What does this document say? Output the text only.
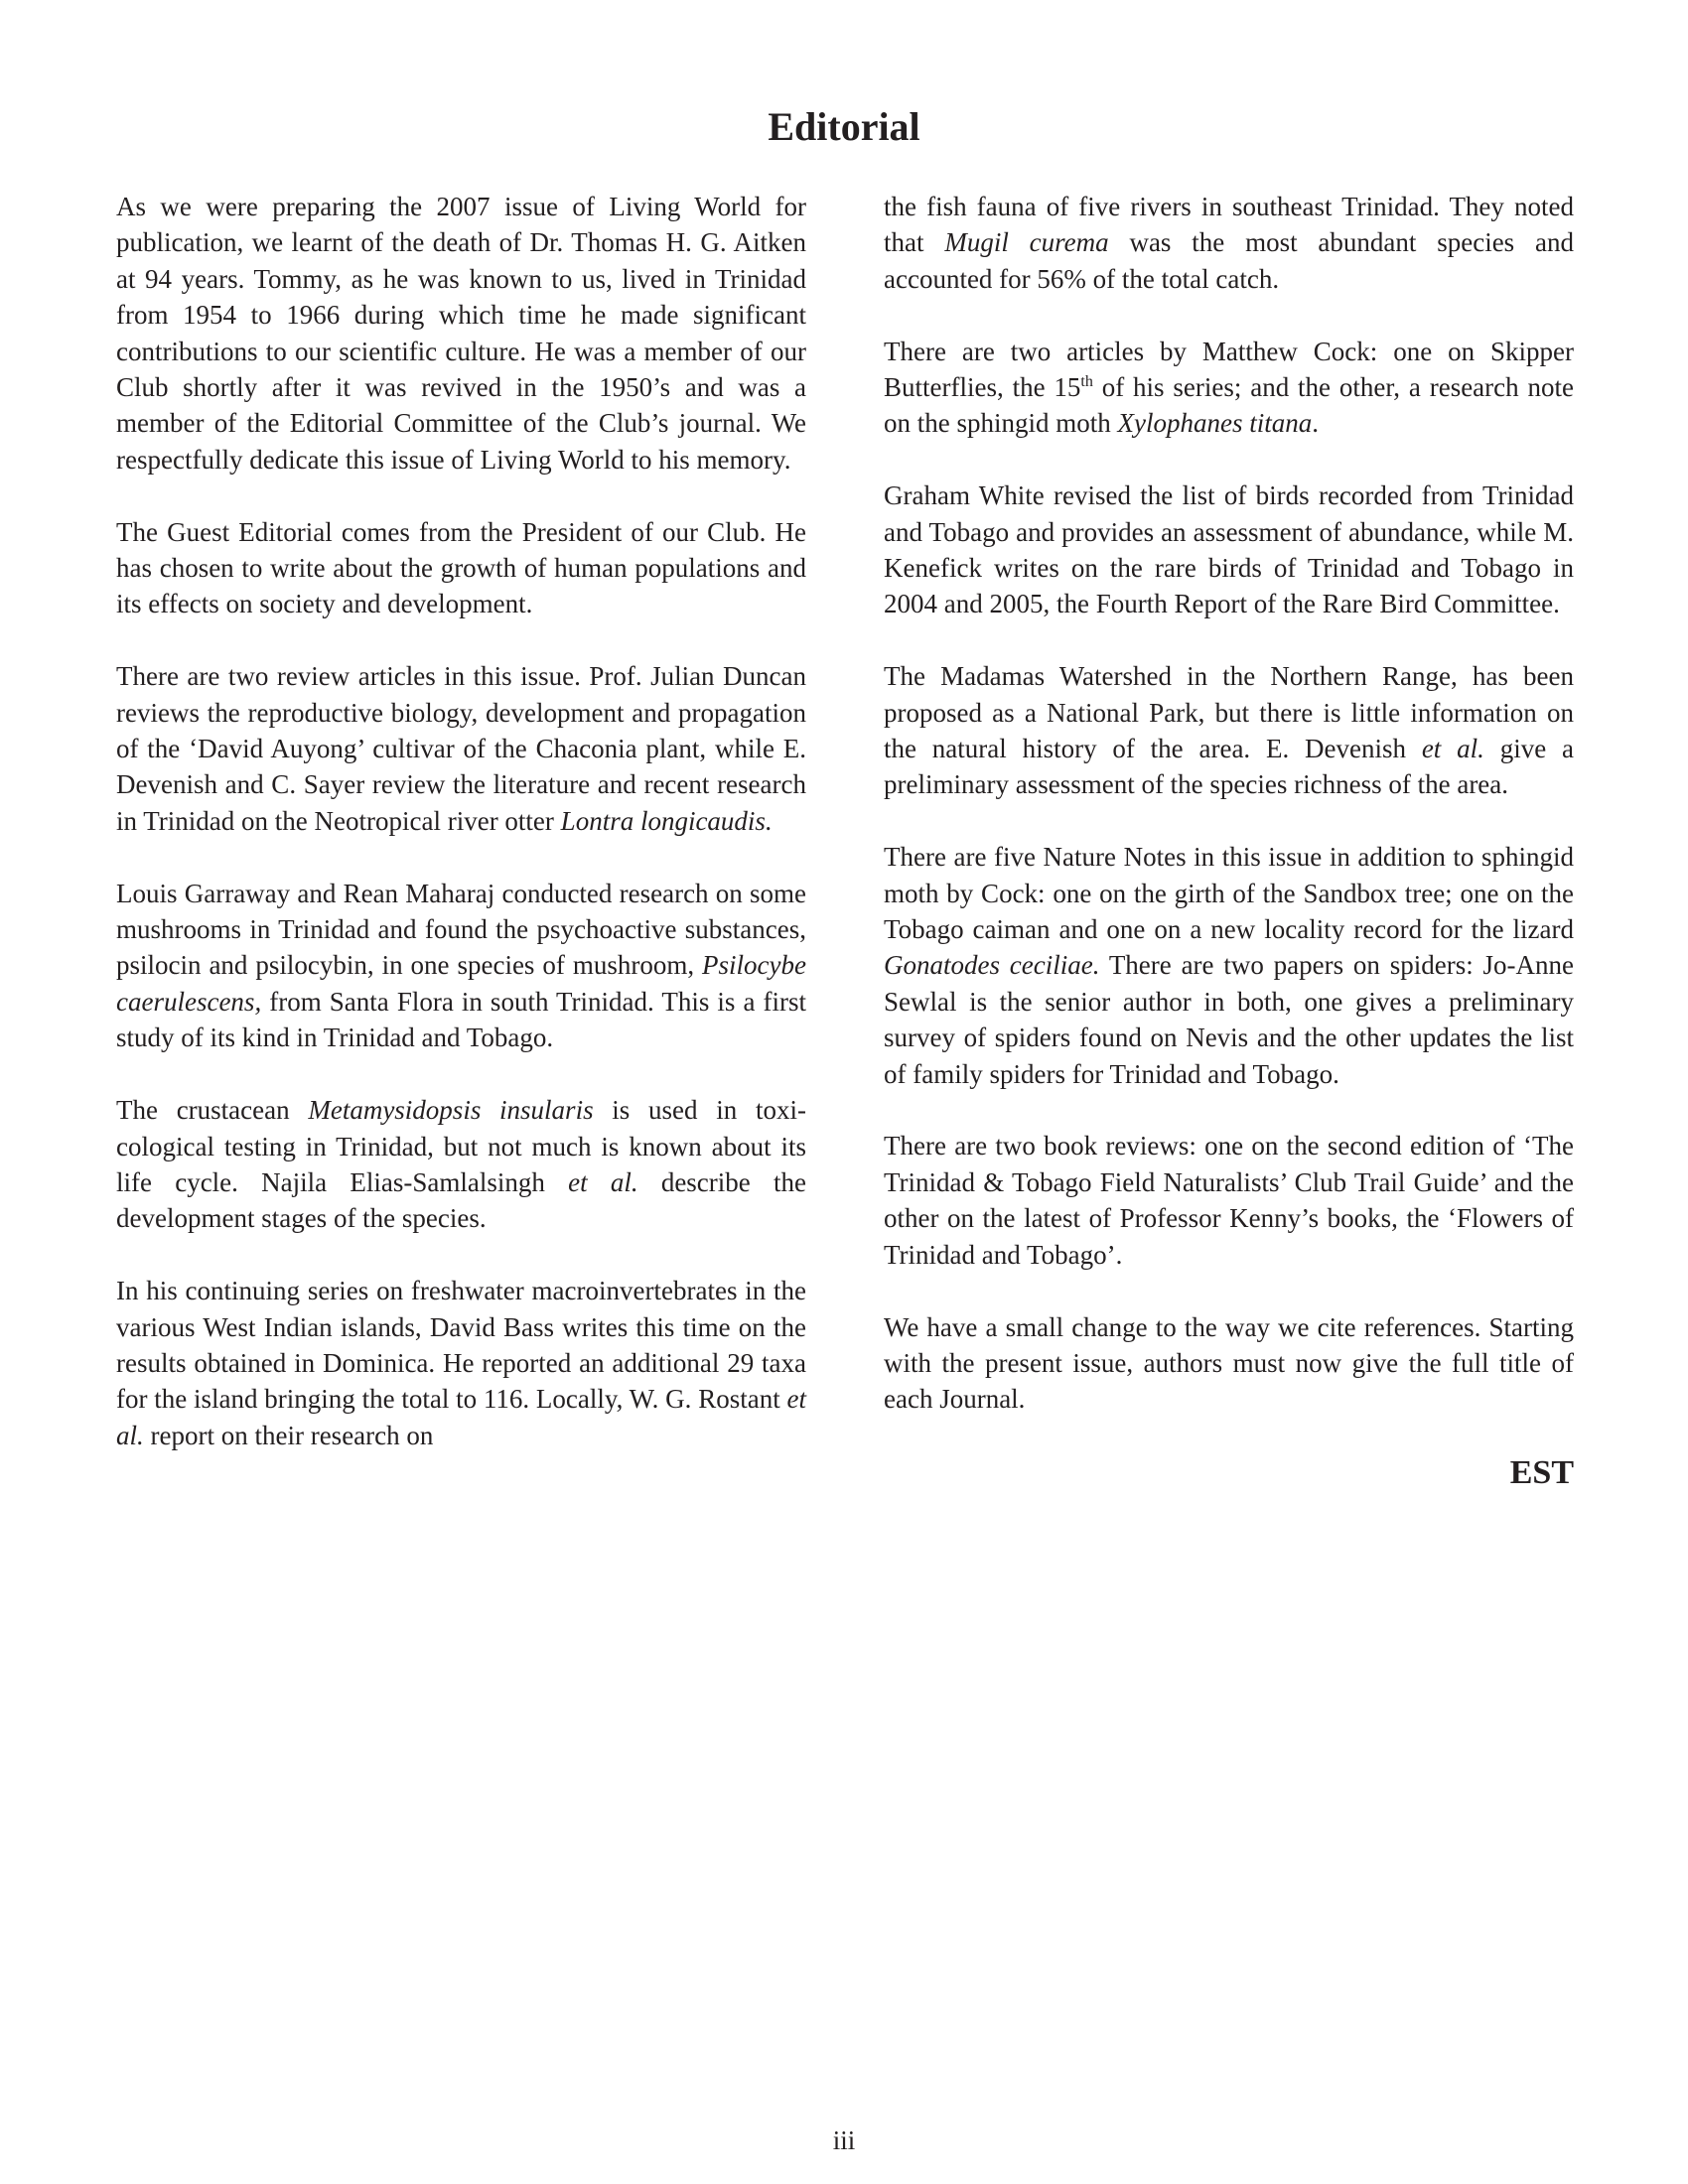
Editorial

As we were preparing the 2007 issue of Living World for publication, we learnt of the death of Dr. Thomas H. G. Aitken at 94 years. Tommy, as he was known to us, lived in Trinidad from 1954 to 1966 during which time he made significant contributions to our scientific culture. He was a member of our Club shortly after it was revived in the 1950’s and was a member of the Editorial Committee of the Club’s journal. We respectfully dedicate this issue of Living World to his memory.

The Guest Editorial comes from the President of our Club. He has chosen to write about the growth of human populations and its effects on society and development.

There are two review articles in this issue. Prof. Julian Duncan reviews the reproductive biology, development and propagation of the ‘David Auyong’ cultivar of the Chaconia plant, while E. Devenish and C. Sayer review the literature and recent research in Trinidad on the Neotropical river otter Lontra longicaudis.

Louis Garraway and Rean Maharaj conducted research on some mushrooms in Trinidad and found the psychoactive substances, psilocin and psilocybin, in one species of mushroom, Psilocybe caerulescens, from Santa Flora in south Trinidad. This is a first study of its kind in Trinidad and Tobago.

The crustacean Metamysidopsis insularis is used in toxicological testing in Trinidad, but not much is known about its life cycle. Najila Elias-Samlalsingh et al. describe the development stages of the species.

In his continuing series on freshwater macroinvertebrates in the various West Indian islands, David Bass writes this time on the results obtained in Dominica. He reported an additional 29 taxa for the island bringing the total to 116. Locally, W. G. Rostant et al. report on their research on

the fish fauna of five rivers in southeast Trinidad. They noted that Mugil curema was the most abundant species and accounted for 56% of the total catch.

There are two articles by Matthew Cock: one on Skipper Butterflies, the 15th of his series; and the other, a research note on the sphingid moth Xylophanes titana.

Graham White revised the list of birds recorded from Trinidad and Tobago and provides an assessment of abundance, while M. Kenefick writes on the rare birds of Trinidad and Tobago in 2004 and 2005, the Fourth Report of the Rare Bird Committee.

The Madamas Watershed in the Northern Range, has been proposed as a National Park, but there is little information on the natural history of the area. E. Devenish et al. give a preliminary assessment of the species richness of the area.

There are five Nature Notes in this issue in addition to sphingid moth by Cock: one on the girth of the Sandbox tree; one on the Tobago caiman and one on a new locality record for the lizard Gonatodes ceciliae. There are two papers on spiders: Jo-Anne Sewlal is the senior author in both, one gives a preliminary survey of spiders found on Nevis and the other updates the list of family spiders for Trinidad and Tobago.

There are two book reviews: one on the second edition of ‘The Trinidad & Tobago Field Naturalists’ Club Trail Guide’ and the other on the latest of Professor Kenny’s books, the ‘Flowers of Trinidad and Tobago’.

We have a small change to the way we cite references. Starting with the present issue, authors must now give the full title of each Journal.

EST
iii
